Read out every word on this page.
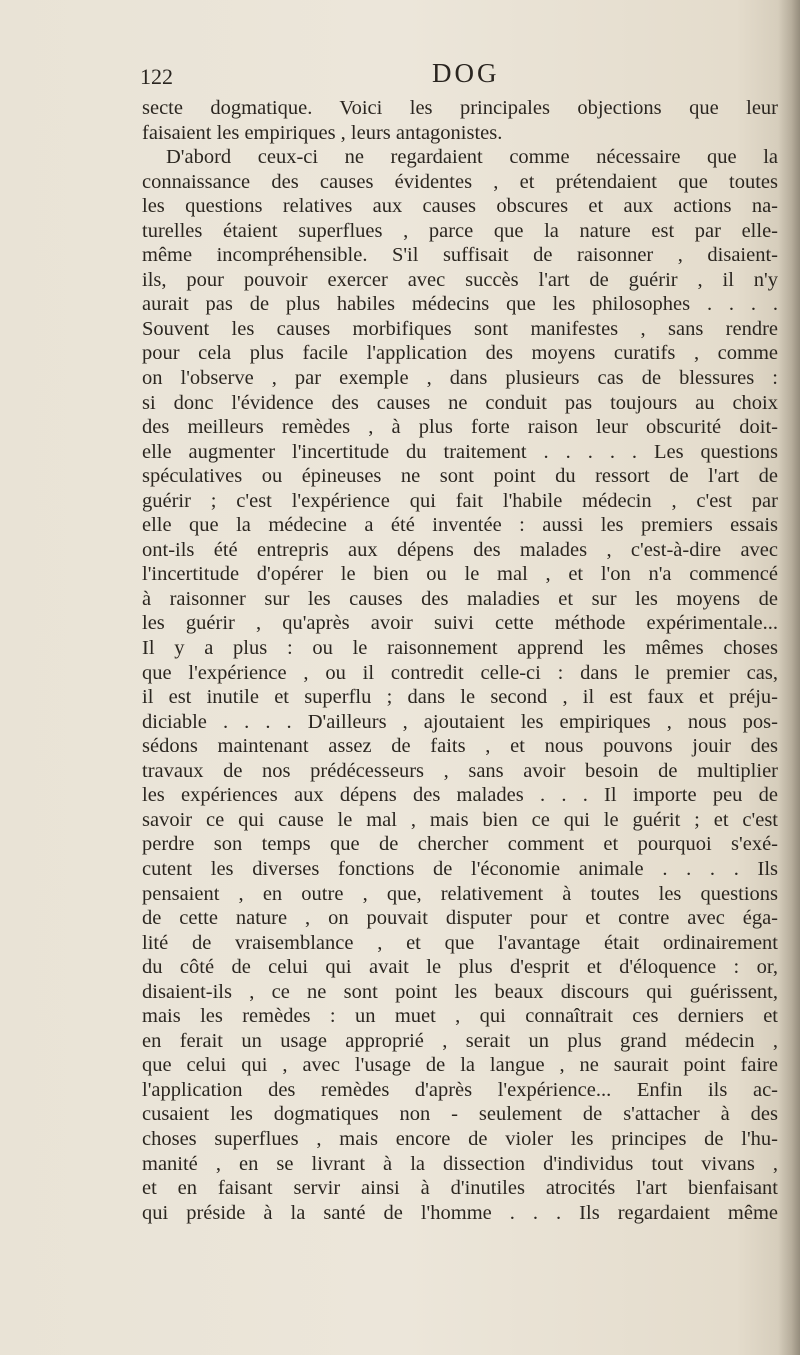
122	DOG
secte dogmatique. Voici les principales objections que leur
faisaient les empiriques , leurs antagonistes.
D'abord ceux-ci ne regardaient comme nécessaire que la
connaissance des causes évidentes , et prétendaient que toutes
les questions relatives aux causes obscures et aux actions na-
turelles étaient superflues , parce que la nature est par elle-
même incompréhensible. S'il suffisait de raisonner , disaient-
ils, pour pouvoir exercer avec succès l'art de guérir , il n'y
aurait pas de plus habiles médecins que les philosophes . . . .
Souvent les causes morbifiques sont manifestes , sans rendre
pour cela plus facile l'application des moyens curatifs , comme
on l'observe , par exemple , dans plusieurs cas de blessures :
si donc l'évidence des causes ne conduit pas toujours au choix
des meilleurs remèdes , à plus forte raison leur obscurité doit-
elle augmenter l'incertitude du traitement . . . . . Les questions
spéculatives ou épineuses ne sont point du ressort de l'art de
guérir ; c'est l'expérience qui fait l'habile médecin , c'est par
elle que la médecine a été inventée : aussi les premiers essais
ont-ils été entrepris aux dépens des malades , c'est-à-dire avec
l'incertitude d'opérer le bien ou le mal , et l'on n'a commencé
à raisonner sur les causes des maladies et sur les moyens de
les guérir , qu'après avoir suivi cette méthode expérimentale...
Il y a plus : ou le raisonnement apprend les mêmes choses
que l'expérience , ou il contredit celle-ci : dans le premier cas,
il est inutile et superflu ; dans le second , il est faux et préju-
diciable . . . . D'ailleurs , ajoutaient les empiriques , nous pos-
sédons maintenant assez de faits , et nous pouvons jouir des
travaux de nos prédécesseurs , sans avoir besoin de multiplier
les expériences aux dépens des malades . . . Il importe peu de
savoir ce qui cause le mal , mais bien ce qui le guérit ; et c'est
perdre son temps que de chercher comment et pourquoi s'exé-
cutent les diverses fonctions de l'économie animale . . . . Ils
pensaient , en outre , que, relativement à toutes les questions
de cette nature , on pouvait disputer pour et contre avec éga-
lité de vraisemblance , et que l'avantage était ordinairement
du côté de celui qui avait le plus d'esprit et d'éloquence : or,
disaient-ils , ce ne sont point les beaux discours qui guérissent,
mais les remèdes : un muet , qui connaîtrait ces derniers et
en ferait un usage approprié , serait un plus grand médecin ,
que celui qui , avec l'usage de la langue , ne saurait point faire
l'application des remèdes d'après l'expérience... Enfin ils ac-
cusaient les dogmatiques non - seulement de s'attacher à des
choses superflues , mais encore de violer les principes de l'hu-
manité , en se livrant à la dissection d'individus tout vivans ,
et en faisant servir ainsi à d'inutiles atrocités l'art bienfaisant
qui préside à la santé de l'homme . . . Ils regardaient même
